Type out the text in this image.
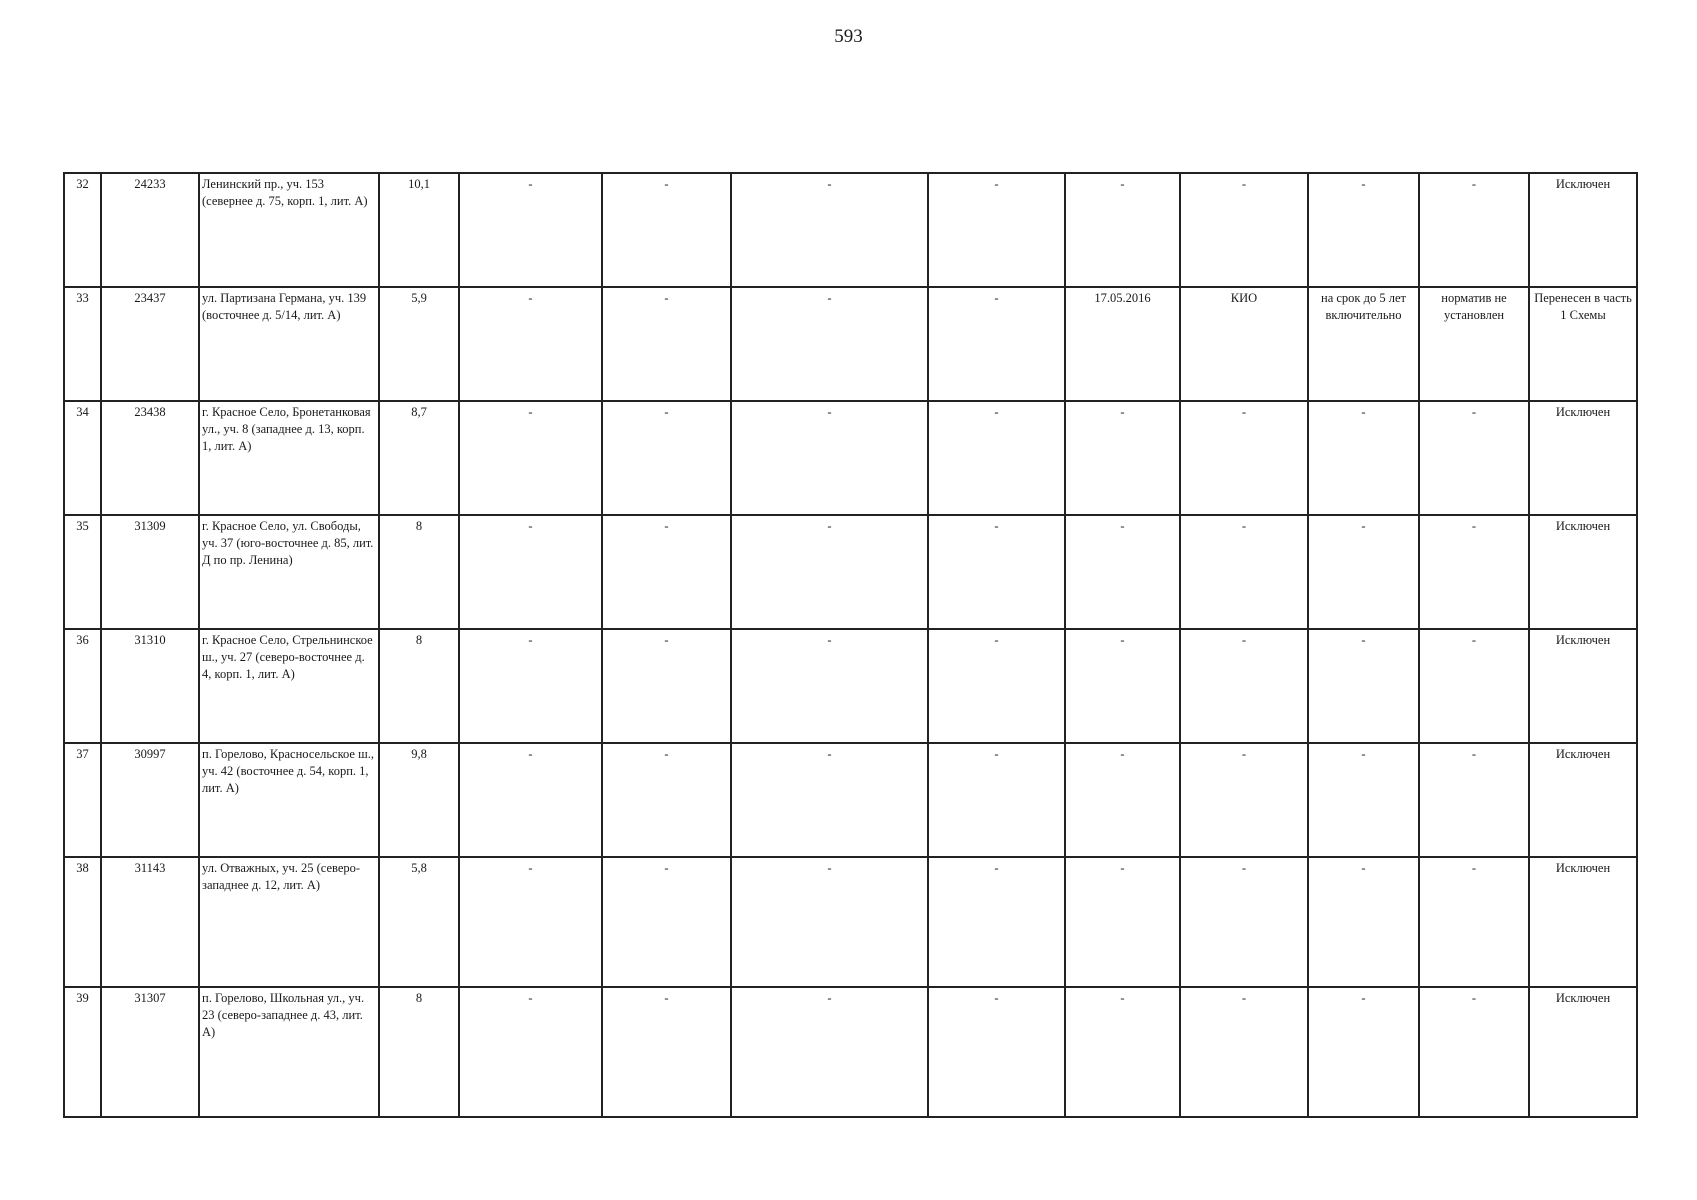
593
32	24233	Ленинский пр., уч. 153 (севернее д. 75, корп. 1, лит. А)	10,1	-	-	-	-	-	-	-	-	Исключен
33	23437	ул. Партизана Германа, уч. 139 (восточнее д. 5/14, лит. А)	5,9	-	-	-	-	17.05.2016	КИО	на срок до 5 лет включительно	норматив не установлен	Перенесен в часть 1 Схемы
34	23438	г. Красное Село, Бронетанковая ул., уч. 8 (западнее д. 13, корп. 1, лит. А)	8,7	-	-	-	-	-	-	-	-	Исключен
35	31309	г. Красное Село, ул. Свободы, уч. 37 (юго-восточнее д. 85, лит. Д по пр. Ленина)	8	-	-	-	-	-	-	-	-	Исключен
36	31310	г. Красное Село, Стрельнинское ш., уч. 27 (северо-восточнее д. 4, корп. 1, лит. А)	8	-	-	-	-	-	-	-	-	Исключен
37	30997	п. Горелово, Красносельское ш., уч. 42 (восточнее д. 54, корп. 1, лит. А)	9,8	-	-	-	-	-	-	-	-	Исключен
38	31143	ул. Отважных, уч. 25 (северо-западнее д. 12, лит. А)	5,8	-	-	-	-	-	-	-	-	Исключен
39	31307	п. Горелово, Школьная ул., уч. 23 (северо-западнее д. 43, лит. А)	8	-	-	-	-	-	-	-	-	Исключен
